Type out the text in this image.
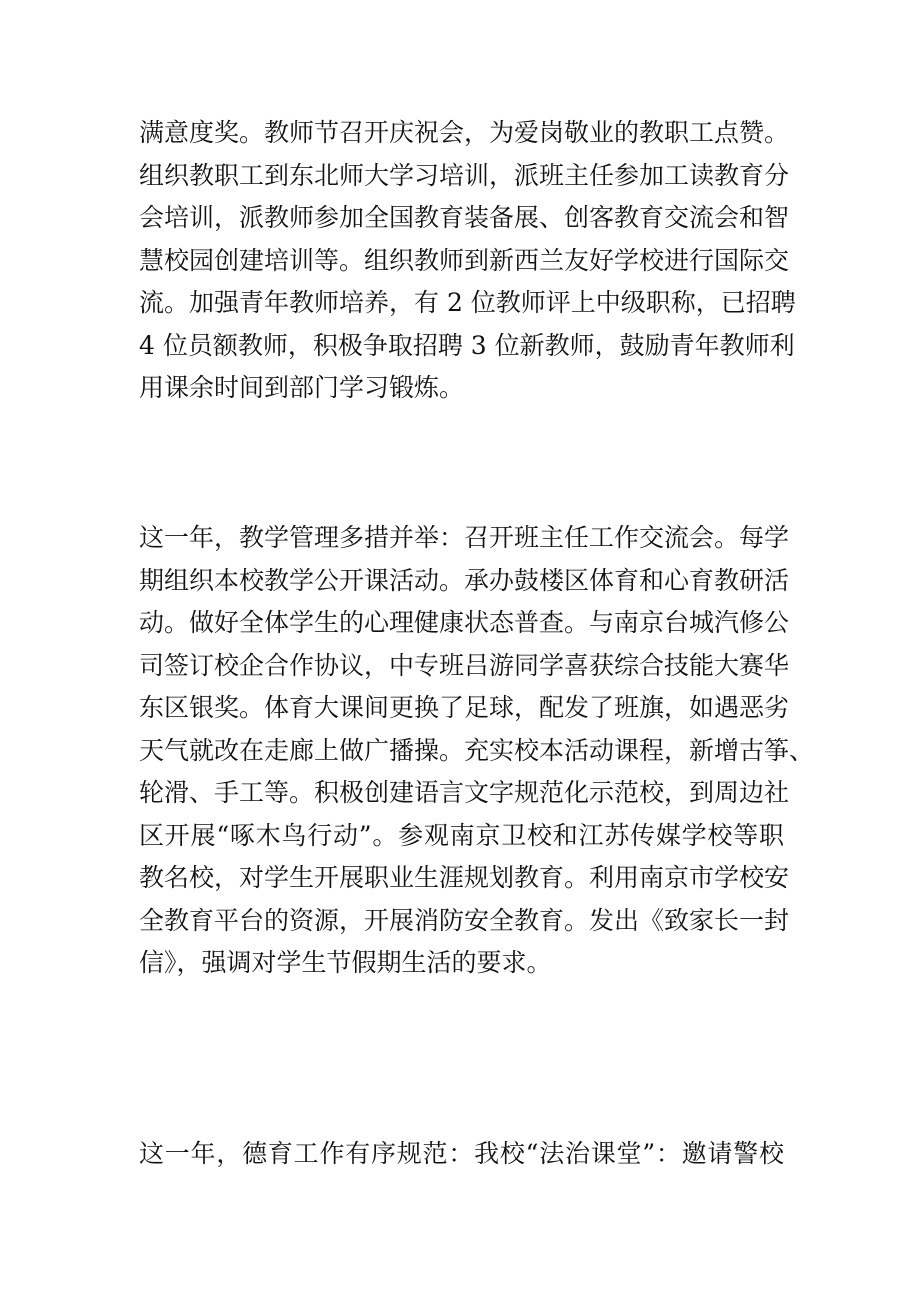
满意度奖。教师节召开庆祝会，为爱岗敬业的教职工点赞。
组织教职工到东北师大学习培训，派班主任参加工读教育分
会培训，派教师参加全国教育装备展、创客教育交流会和智
慧校园创建培训等。组织教师到新西兰友好学校进行国际交
流。加强青年教师培养，有 2 位教师评上中级职称，已招聘
4 位员额教师，积极争取招聘 3 位新教师，鼓励青年教师利
用课余时间到部门学习锻炼。

这一年，教学管理多措并举：召开班主任工作交流会。每学
期组织本校教学公开课活动。承办鼓楼区体育和心育教研活
动。做好全体学生的心理健康状态普查。与南京台城汽修公
司签订校企合作协议，中专班吕游同学喜获综合技能大赛华
东区银奖。体育大课间更换了足球，配发了班旗，如遇恶劣
天气就改在走廊上做广播操。充实校本活动课程，新增古筝、
轮滑、手工等。积极创建语言文字规范化示范校，到周边社
区开展“啄木鸟行动”。参观南京卫校和江苏传媒学校等职
教名校，对学生开展职业生涯规划教育。利用南京市学校安
全教育平台的资源，开展消防安全教育。发出《致家长一封
信》，强调对学生节假期生活的要求。

这一年，德育工作有序规范：我校“法治课堂”：邀请警校
